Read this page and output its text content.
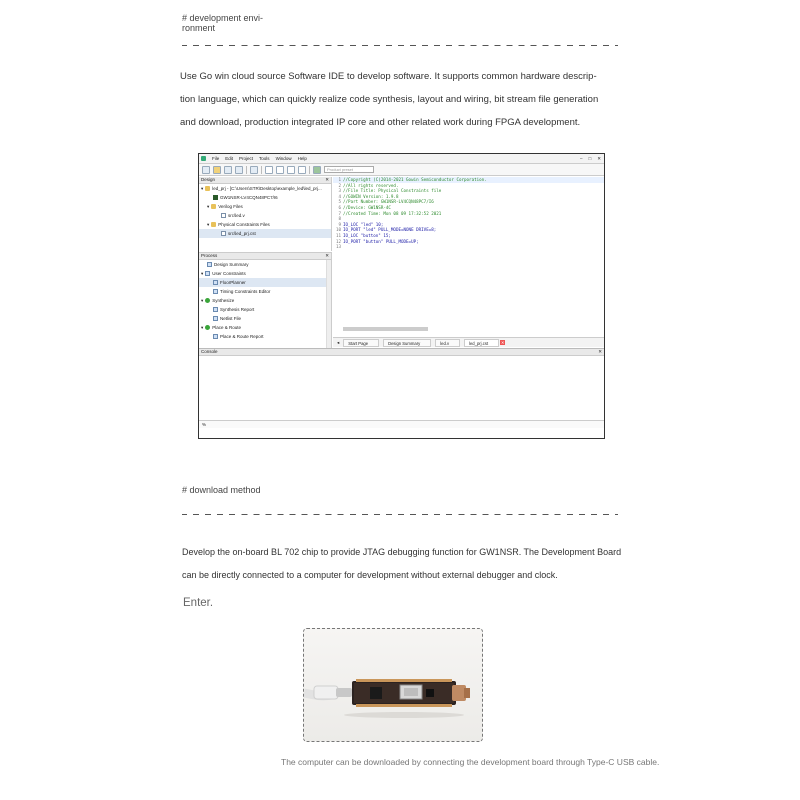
# development envi-
ronment

Use Go win cloud source Software IDE to develop software. It supports common hardware descrip-

tion language, which can quickly realize code synthesis, layout and wiring, bit stream file generation

and download, production integrated IP core and other related work during FPGA development.

File Edit Project Tools Window Help	– □ ✕
Product preset
Design	✕
▾ led_prj - [C:\Users\STR\Desktop\example_led\led_prj...
GW1NSR-LV4CQN48PC7/I6
▾ Verilog Files
src\led.v
▾ Physical Constraints Files
src\led_prj.cst
Process	✕
Design Summary
▾ User Constraints
FloorPlanner
Timing Constraints Editor
▾ Synthesize
Synthesis Report
Netlist File
▾ Place & Route
Place & Route Report
1 //Copyright (C)2014-2021 Gowin Semiconductor Corporation.
2 //All rights reserved.
3 //File Title: Physical Constraints file
4 //GOWIN Version: 1.9.8
5 //Part Number: GW1NSR-LV4CQN48PC7/I6
6 //Device: GW1NSR-4C
7 //Created Time: Mon 08 09 17:32:52 2021
8
9 IO_LOC "led" 10;
10 IO_PORT "led" PULL_MODE=NONE DRIVE=8;
11 IO_LOC "button" 15;
12 IO_PORT "button" PULL_MODE=UP;
13
◂	Start Page	Design Summary	led.v	led_prj.cst	✕
Console	✕
%
# download method

Develop the on-board BL 702 chip to provide JTAG debugging function for GW1NSR. The Development Board

can be directly connected to a computer for development without external debugger and clock.

Enter.
The computer can be downloaded by connecting the development board through Type-C USB cable.
